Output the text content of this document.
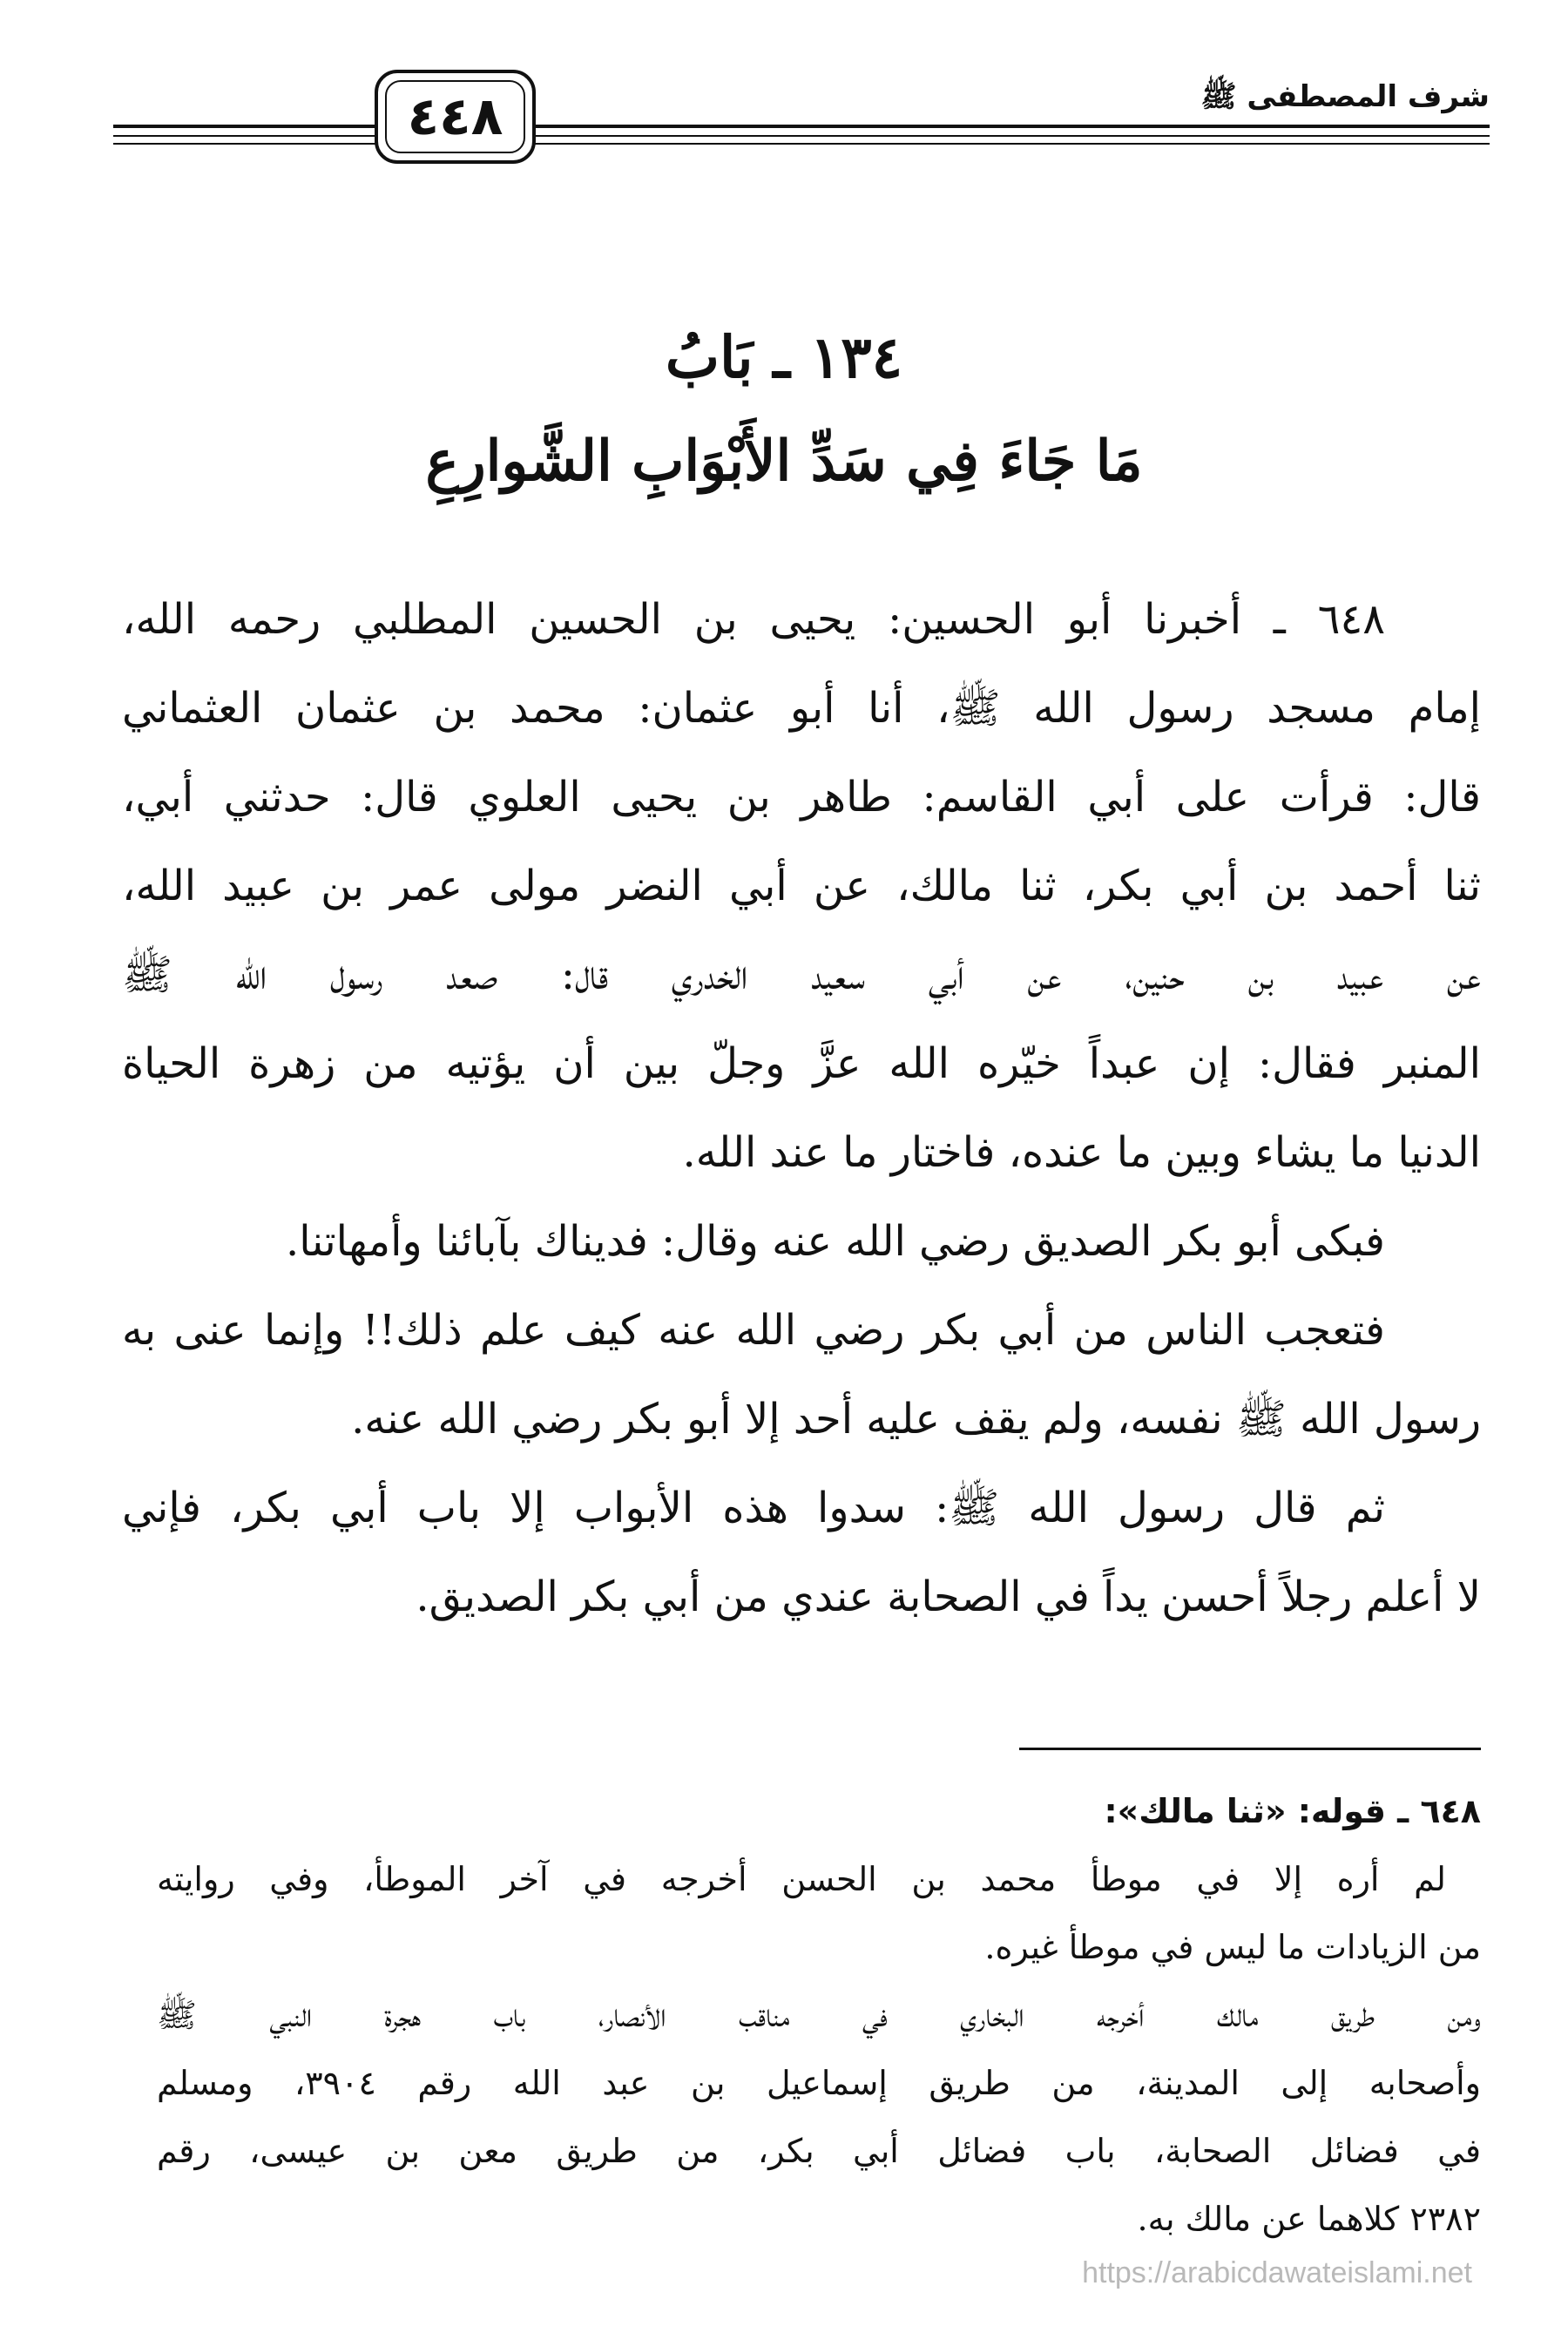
شرف المصطفى ﷺ
٤٤٨
١٣٤ ـ بَابُ
مَا جَاءَ فِي سَدِّ الأَبْوَابِ الشَّوارِعِ
٦٤٨ ـ أخبرنا أبو الحسين: يحيى بن الحسين المطلبي رحمه الله،
إمام مسجد رسول الله ﷺ، أنا أبو عثمان: محمد بن عثمان العثماني
قال: قرأت على أبي القاسم: طاهر بن يحيى العلوي قال: حدثني أبي،
ثنا أحمد بن أبي بكر، ثنا مالك، عن أبي النضر مولى عمر بن عبيد الله،
عن عبيد بن حنين، عن أبي سعيد الخدري قال: صعد رسول الله ﷺ
المنبر فقال: إن عبداً خيّره الله عزَّ وجلّ بين أن يؤتيه من زهرة الحياة
الدنيا ما يشاء وبين ما عنده، فاختار ما عند الله.
فبكى أبو بكر الصديق رضي الله عنه وقال: فديناك بآبائنا وأمهاتنا.
فتعجب الناس من أبي بكر رضي الله عنه كيف علم ذلك!! وإنما عنى به
رسول الله ﷺ نفسه، ولم يقف عليه أحد إلا أبو بكر رضي الله عنه.
ثم قال رسول الله ﷺ: سدوا هذه الأبواب إلا باب أبي بكر، فإني
لا أعلم رجلاً أحسن يداً في الصحابة عندي من أبي بكر الصديق.
٦٤٨ ـ قوله: «ثنا مالك»:
لم أره إلا في موطأ محمد بن الحسن أخرجه في آخر الموطأ، وفي روايته
من الزيادات ما ليس في موطأ غيره.
ومن طريق مالك أخرجه البخاري في مناقب الأنصار، باب هجرة النبي ﷺ
وأصحابه إلى المدينة، من طريق إسماعيل بن عبد الله رقم ٣٩٠٤، ومسلم
في فضائل الصحابة، باب فضائل أبي بكر، من طريق معن بن عيسى، رقم
٢٣٨٢ كلاهما عن مالك به.
https://arabicdawateislami.net
